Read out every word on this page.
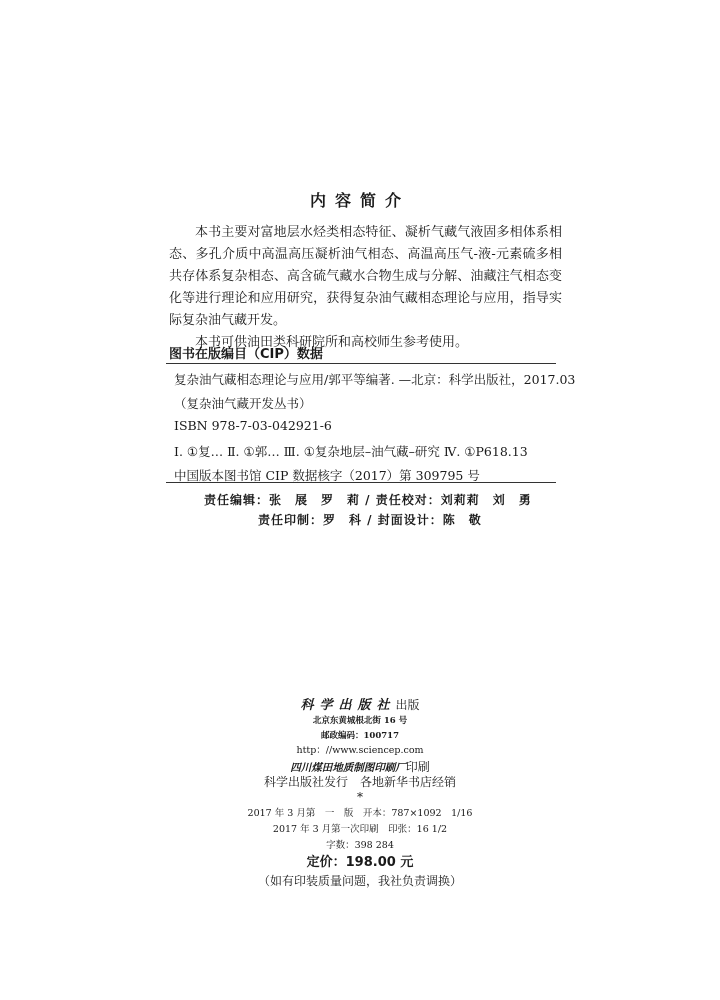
内容简介

本书主要对富地层水烃类相态特征、凝析气藏气液固多相体系相态、多孔介质中高温高压凝析油气相态、高温高压气-液-元素硫多相共存体系复杂相态、高含硫气藏水合物生成与分解、油藏注气相态变化等进行理论和应用研究，获得复杂油气藏相态理论与应用，指导实际复杂油气藏开发。

本书可供油田类科研院所和高校师生参考使用。

图书在版编目（CIP）数据
复杂油气藏相态理论与应用/郭平等编著. —北京：科学出版社，2017.03
（复杂油气藏开发丛书）
ISBN 978-7-03-042921-6
Ⅰ. ①复… Ⅱ. ①郭… Ⅲ. ①复杂地层–油气藏–研究 Ⅳ. ①P618.13
中国版本图书馆 CIP 数据核字（2017）第 309795 号
责任编辑：张　展　罗　莉 / 责任校对：刘莉莉　刘　勇
责任印制：罗　科 / 封面设计：陈　敬
科学出版社出版
北京东黄城根北街 16 号
邮政编码：100717
http：//www.sciencep.com
四川煤田地质制图印刷厂印刷
科学出版社发行　各地新华书店经销
*
2017 年 3 月第　一　版　开本：787×1092　1/16
2017 年 3 月第一次印刷　印张：16 1/2
字数：398 284
定价：198.00 元
（如有印装质量问题，我社负责调换）
